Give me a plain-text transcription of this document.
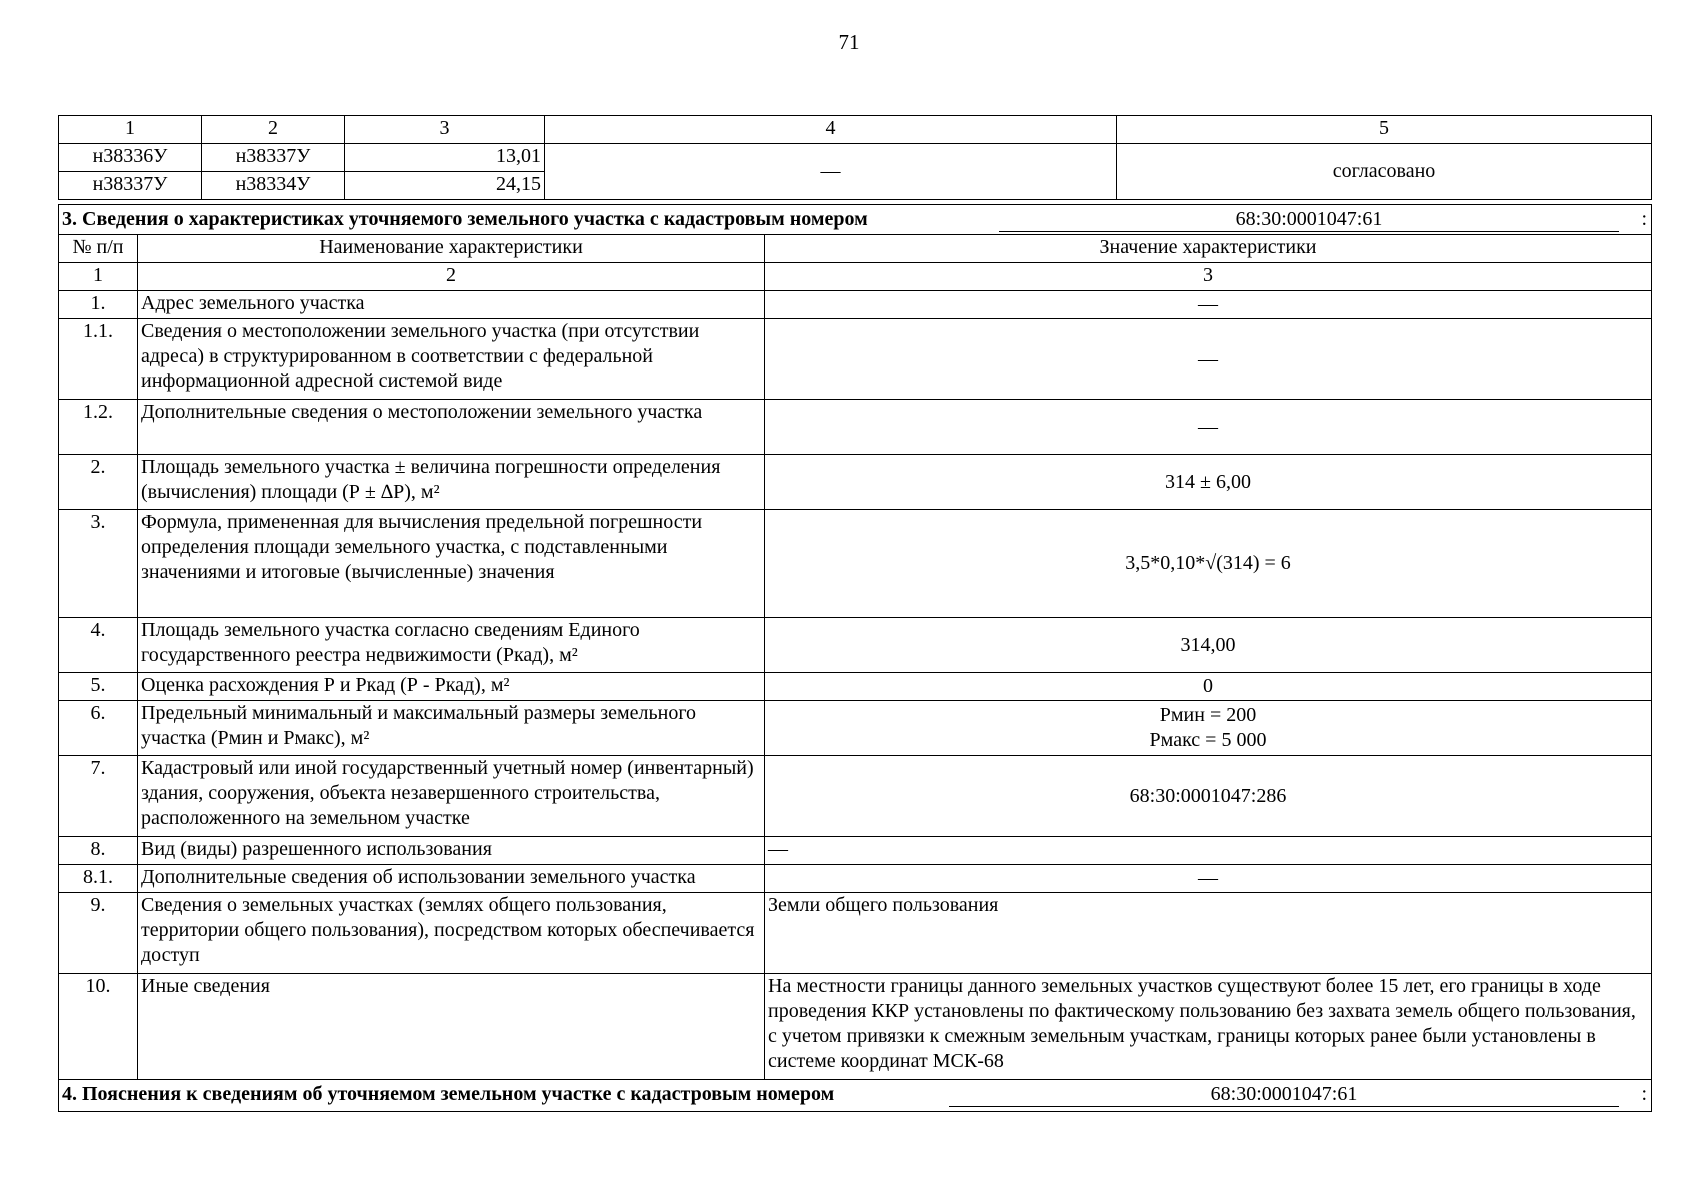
71
1	2	3	4	5
н38336У	н38337У	13,01	—	согласовано
н38337У	н38334У	24,15		
3. Сведения о характеристиках уточняемого земельного участка с кадастровым номером 68:30:0001047:61 :		

№ п/п	Наименование характеристики	Значение характеристики
1	2	3
1.	Адрес земельного участка	—
1.1.	Сведения о местоположении земельного участка (при отсутствии адреса) в структурированном в соответствии с федеральной информационной адресной системой виде	—
1.2.	Дополнительные сведения о местоположении земельного участка	—
2.	Площадь земельного участка ± величина погрешности определения (вычисления) площади (Р ± ∆Р), м²	314 ± 6,00
3.	Формула, примененная для вычисления предельной погрешности определения площади земельного участка, с подставленными значениями и итоговые (вычисленные) значения	3,5*0,10*√(314) = 6
4.	Площадь земельного участка согласно сведениям Единого государственного реестра недвижимости (Ркад), м²	314,00
5.	Оценка расхождения Р и Ркад (Р - Ркад), м²	0
6.	Предельный минимальный и максимальный размеры земельного участка (Рмин и Рмакс), м²	Рмин = 200
Рмакс = 5 000

7.	Кадастровый или иной государственный учетный номер (инвентарный) здания, сооружения, объекта незавершенного строительства, расположенного на земельном участке	68:30:0001047:286
8.	Вид (виды) разрешенного использования	—
8.1.	Дополнительные сведения об использовании земельного участка	—
9.	Сведения о земельных участках (землях общего пользования, территории общего пользования), посредством которых обеспечивается доступ	Земли общего пользования
10.	Иные сведения	На местности границы данного земельных участков существуют более 15 лет, его границы в ходе проведения ККР установлены по фактическому пользованию без захвата земель общего пользования, с учетом привязки к смежным земельным участкам, границы которых ранее были установлены в системе координат МСК-68

4. Пояснения к сведениям об уточняемом земельном участке с кадастровым номером 68:30:0001047:61 :		
